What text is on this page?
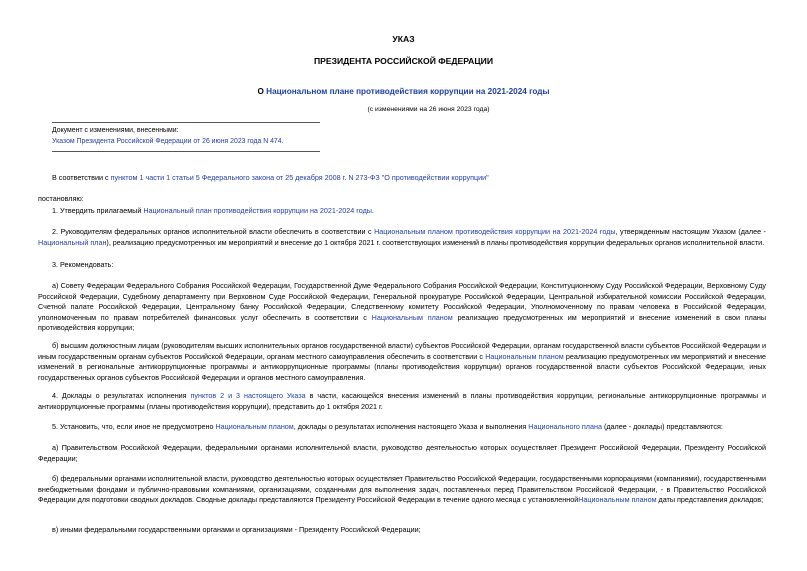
УКАЗ
ПРЕЗИДЕНТА РОССИЙСКОЙ ФЕДЕРАЦИИ
О Национальном плане противодействия коррупции на 2021-2024 годы
(с изменениями на 26 июня 2023 года)
Документ с изменениями, внесенными:
Указом Президента Российской Федерации от 26 июня 2023 года N 474.
В соответствии с пунктом 1 части 1 статьи 5 Федерального закона от 25 декабря 2008 г. N 273-ФЗ "О противодействии коррупции"
постановляю:
1. Утвердить прилагаемый Национальный план противодействия коррупции на 2021-2024 годы.
2. Руководителям федеральных органов исполнительной власти обеспечить в соответствии с Национальным планом противодействия коррупции на 2021-2024 годы, утвержденным настоящим Указом (далее - Национальный план), реализацию предусмотренных им мероприятий и внесение до 1 октября 2021 г. соответствующих изменений в планы противодействия коррупции федеральных органов исполнительной власти.
3. Рекомендовать:
а) Совету Федерации Федерального Собрания Российской Федерации, Государственной Думе Федерального Собрания Российской Федерации, Конституционному Суду Российской Федерации, Верховному Суду Российской Федерации, Судебному департаменту при Верховном Суде Российской Федерации, Генеральной прокуратуре Российской Федерации, Центральной избирательной комиссии Российской Федерации, Счетной палате Российской Федерации, Центральному банку Российской Федерации, Следственному комитету Российской Федерации, Уполномоченному по правам человека в Российской Федерации, уполномоченным по правам потребителей финансовых услуг обеспечить в соответствии с Национальным планом реализацию предусмотренных им мероприятий и внесение изменений в свои планы противодействия коррупции;
б) высшим должностным лицам (руководителям высших исполнительных органов государственной власти) субъектов Российской Федерации, органам государственной власти субъектов Российской Федерации и иным государственным органам субъектов Российской Федерации, органам местного самоуправления обеспечить в соответствии с Национальным планом реализацию предусмотренных им мероприятий и внесение изменений в региональные антикоррупционные программы и антикоррупционные программы (планы противодействия коррупции) органов государственной власти субъектов Российской Федерации, иных государственных органов субъектов Российской Федерации и органов местного самоуправления.
4. Доклады о результатах исполнения пунктов 2 и 3 настоящего Указа в части, касающейся внесения изменений в планы противодействия коррупции, региональные антикоррупционные программы и антикоррупционные программы (планы противодействия коррупции), представить до 1 октября 2021 г.
5. Установить, что, если иное не предусмотрено Национальным планом, доклады о результатах исполнения настоящего Указа и выполнения Национального плана (далее - доклады) представляются:
а) Правительством Российской Федерации, федеральными органами исполнительной власти, руководство деятельностью которых осуществляет Президент Российской Федерации, Президенту Российской Федерации;
б) федеральными органами исполнительной власти, руководство деятельностью которых осуществляет Правительство Российской Федерации, государственными корпорациями (компаниями), государственными внебюджетными фондами и публично-правовыми компаниями, организациями, созданными для выполнения задач, поставленных перед Правительством Российской Федерации, - в Правительство Российской Федерации для подготовки сводных докладов. Сводные доклады представляются Президенту Российской Федерации в течение одного месяца с установленнойНациональным планом даты представления докладов;
в) иными федеральными государственными органами и организациями - Президенту Российской Федерации;
